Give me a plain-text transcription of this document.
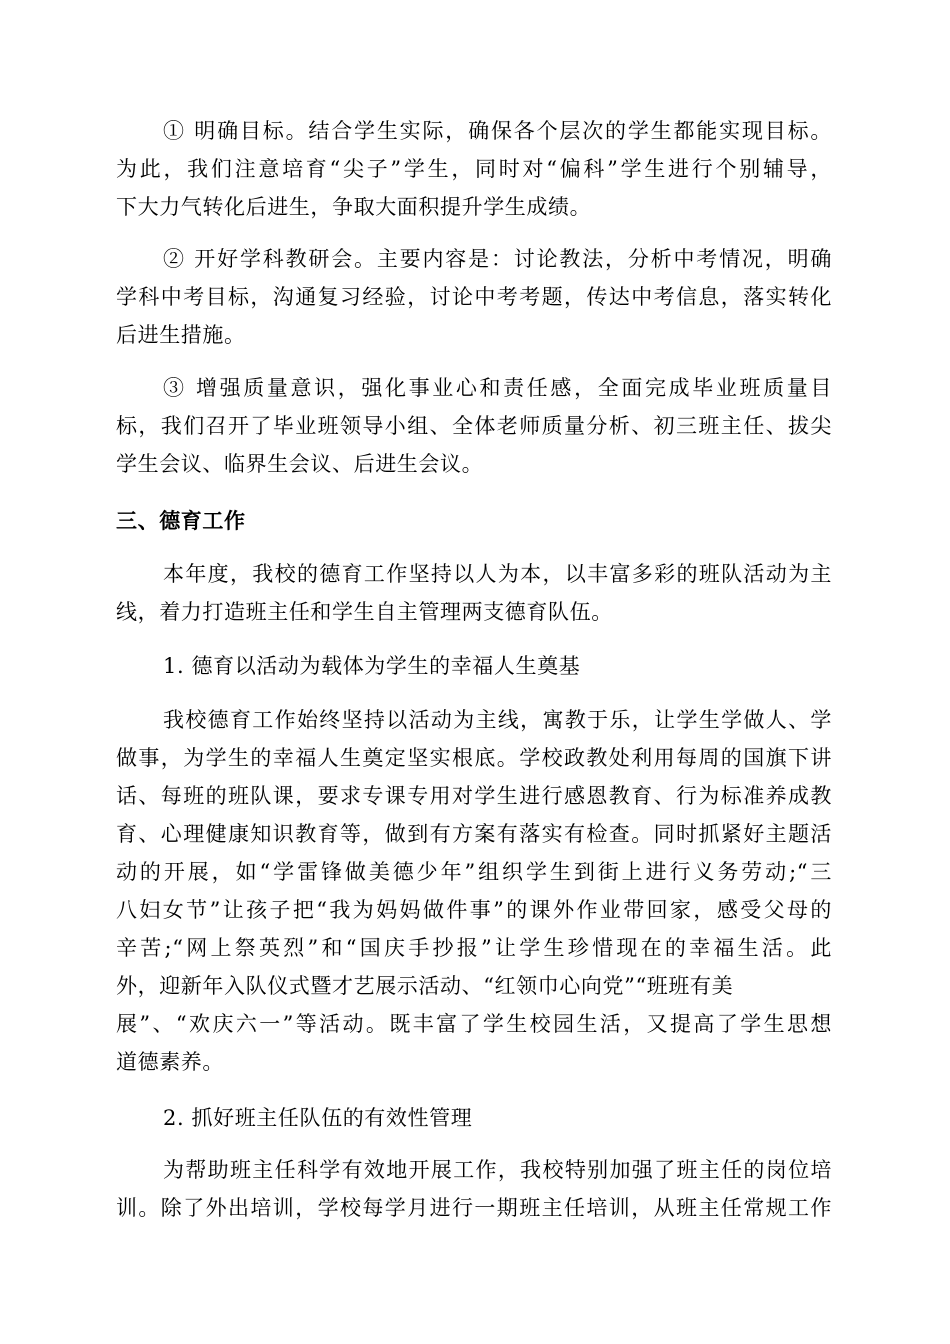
① 明确目标。结合学生实际，确保各个层次的学生都能实现目标。
为此，我们注意培育“尖子”学生，同时对“偏科”学生进行个别辅导，
下大力气转化后进生，争取大面积提升学生成绩。
② 开好学科教研会。主要内容是：讨论教法，分析中考情况，明确
学科中考目标，沟通复习经验，讨论中考考题，传达中考信息，落实转化
后进生措施。
③ 增强质量意识，强化事业心和责任感，全面完成毕业班质量目
标，我们召开了毕业班领导小组、全体老师质量分析、初三班主任、拔尖
学生会议、临界生会议、后进生会议。
三、德育工作
本年度，我校的德育工作坚持以人为本，以丰富多彩的班队活动为主
线，着力打造班主任和学生自主管理两支德育队伍。
1. 德育以活动为载体为学生的幸福人生奠基
我校德育工作始终坚持以活动为主线，寓教于乐，让学生学做人、学
做事，为学生的幸福人生奠定坚实根底。学校政教处利用每周的国旗下讲
话、每班的班队课，要求专课专用对学生进行感恩教育、行为标准养成教
育、心理健康知识教育等，做到有方案有落实有检查。同时抓紧好主题活
动的开展，如“学雷锋做美德少年”组织学生到街上进行义务劳动;“三
八妇女节”让孩子把“我为妈妈做件事”的课外作业带回家，感受父母的
辛苦;“网上祭英烈”和“国庆手抄报”让学生珍惜现在的幸福生活。此
外，迎新年入队仪式暨才艺展示活动、“红领巾心向党”“班班有美
展”、“欢庆六一”等活动。既丰富了学生校园生活，又提高了学生思想
道德素养。
2. 抓好班主任队伍的有效性管理
为帮助班主任科学有效地开展工作，我校特别加强了班主任的岗位培
训。除了外出培训，学校每学月进行一期班主任培训，从班主任常规工作
